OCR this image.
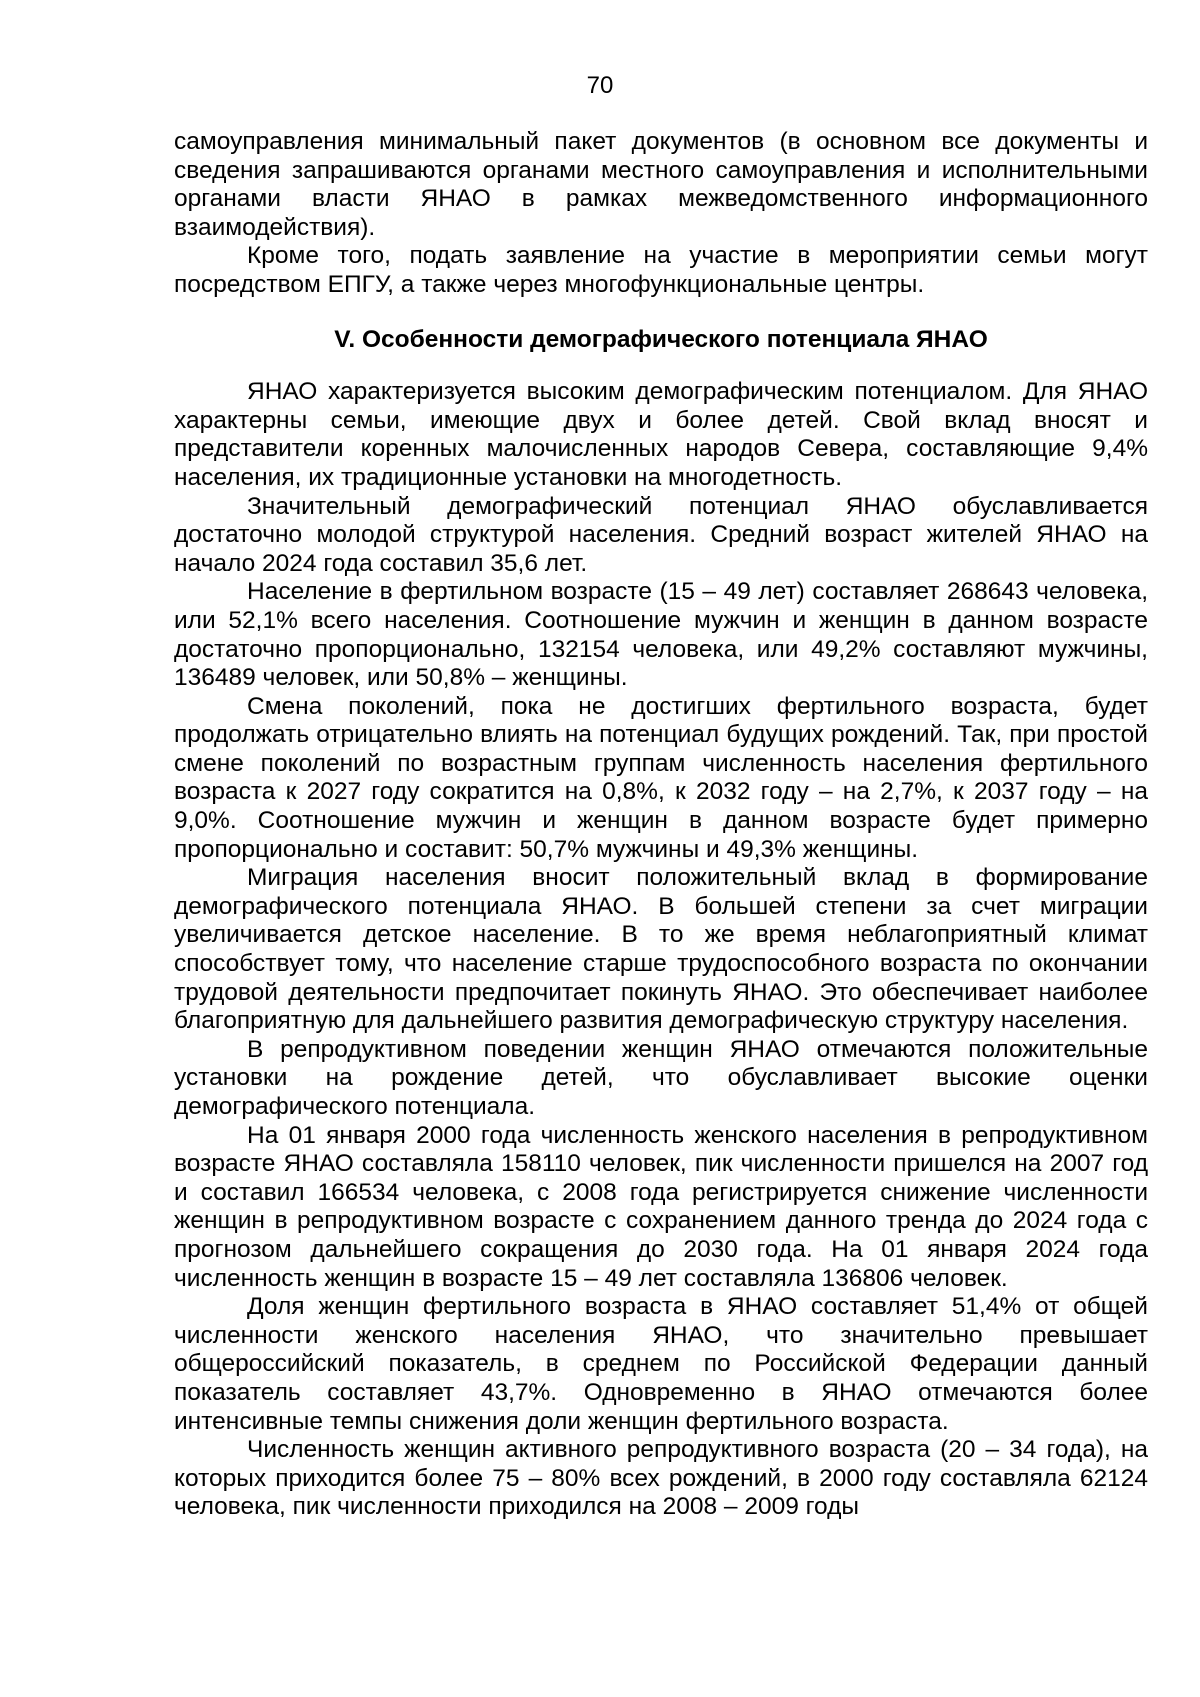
70

самоуправления минимальный пакет документов (в основном все документы и сведения запрашиваются органами местного самоуправления и исполнительными органами власти ЯНАО в рамках межведомственного информационного взаимодействия).

Кроме того, подать заявление на участие в мероприятии семьи могут посредством ЕПГУ, а также через многофункциональные центры.

V. Особенности демографического потенциала ЯНАО

ЯНАО характеризуется высоким демографическим потенциалом. Для ЯНАО характерны семьи, имеющие двух и более детей. Свой вклад вносят и представители коренных малочисленных народов Севера, составляющие 9,4% населения, их традиционные установки на многодетность.

Значительный демографический потенциал ЯНАО обуславливается достаточно молодой структурой населения. Средний возраст жителей ЯНАО на начало 2024 года составил 35,6 лет.

Население в фертильном возрасте (15 – 49 лет) составляет 268643 человека, или 52,1% всего населения. Соотношение мужчин и женщин в данном возрасте достаточно пропорционально, 132154 человека, или 49,2% составляют мужчины, 136489 человек, или 50,8% – женщины.

Смена поколений, пока не достигших фертильного возраста, будет продолжать отрицательно влиять на потенциал будущих рождений. Так, при простой смене поколений по возрастным группам численность населения фертильного возраста к 2027 году сократится на 0,8%, к 2032 году – на 2,7%, к 2037 году – на 9,0%. Соотношение мужчин и женщин в данном возрасте будет примерно пропорционально и составит: 50,7% мужчины и 49,3% женщины.

Миграция населения вносит положительный вклад в формирование демографического потенциала ЯНАО. В большей степени за счет миграции увеличивается детское население. В то же время неблагоприятный климат способствует тому, что население старше трудоспособного возраста по окончании трудовой деятельности предпочитает покинуть ЯНАО. Это обеспечивает наиболее благоприятную для дальнейшего развития демографическую структуру населения.

В репродуктивном поведении женщин ЯНАО отмечаются положительные установки на рождение детей, что обуславливает высокие оценки демографического потенциала.

На 01 января 2000 года численность женского населения в репродуктивном возрасте ЯНАО составляла 158110 человек, пик численности пришелся на 2007 год и составил 166534 человека, с 2008 года регистрируется снижение численности женщин в репродуктивном возрасте с сохранением данного тренда до 2024 года с прогнозом дальнейшего сокращения до 2030 года. На 01 января 2024 года численность женщин в возрасте 15 – 49 лет составляла 136806 человек.

Доля женщин фертильного возраста в ЯНАО составляет 51,4% от общей численности женского населения ЯНАО, что значительно превышает общероссийский показатель, в среднем по Российской Федерации данный показатель составляет 43,7%. Одновременно в ЯНАО отмечаются более интенсивные темпы снижения доли женщин фертильного возраста.

Численность женщин активного репродуктивного возраста (20 – 34 года), на которых приходится более 75 – 80% всех рождений, в 2000 году составляла 62124 человека, пик численности приходился на 2008 – 2009 годы
